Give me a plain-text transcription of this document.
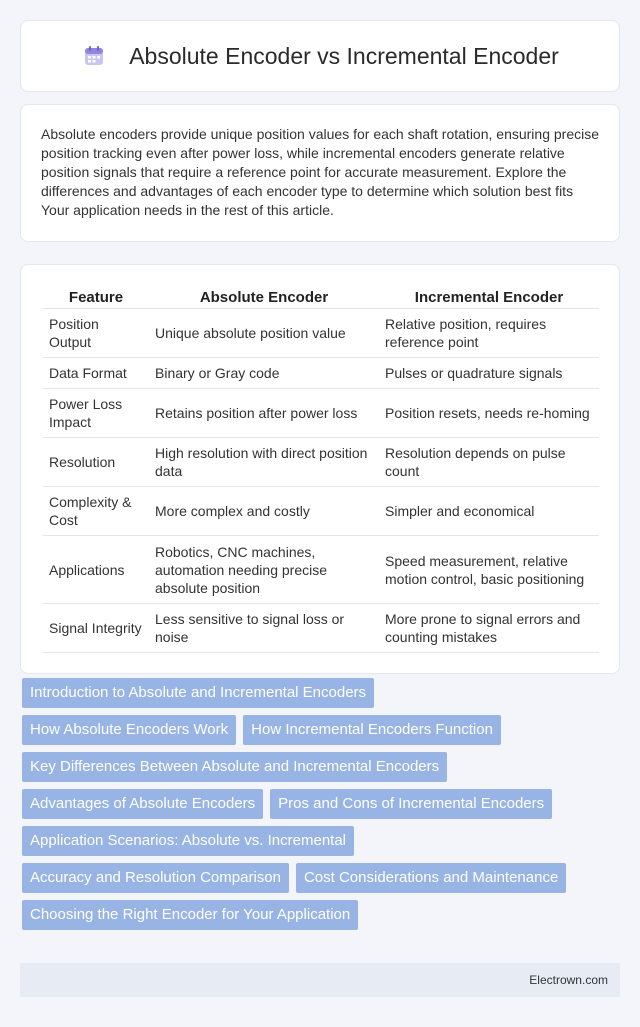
Absolute Encoder vs Incremental Encoder

Absolute encoders provide unique position values for each shaft rotation, ensuring precise position tracking even after power loss, while incremental encoders generate relative position signals that require a reference point for accurate measurement. Explore the differences and advantages of each encoder type to determine which solution best fits Your application needs in the rest of this article.

Feature	Absolute Encoder	Incremental Encoder
Position Output	Unique absolute position value	Relative position, requires reference point
Data Format	Binary or Gray code	Pulses or quadrature signals
Power Loss Impact	Retains position after power loss	Position resets, needs re-homing
Resolution	High resolution with direct position data	Resolution depends on pulse count
Complexity & Cost	More complex and costly	Simpler and economical
Applications	Robotics, CNC machines, automation needing precise absolute position	Speed measurement, relative motion control, basic positioning
Signal Integrity	Less sensitive to signal loss or noise	More prone to signal errors and counting mistakes
Introduction to Absolute and Incremental Encoders
How Absolute Encoders Work	How Incremental Encoders Function
Key Differences Between Absolute and Incremental Encoders
Advantages of Absolute Encoders	Pros and Cons of Incremental Encoders
Application Scenarios: Absolute vs. Incremental
Accuracy and Resolution Comparison	Cost Considerations and Maintenance
Choosing the Right Encoder for Your Application
Electrown.com
